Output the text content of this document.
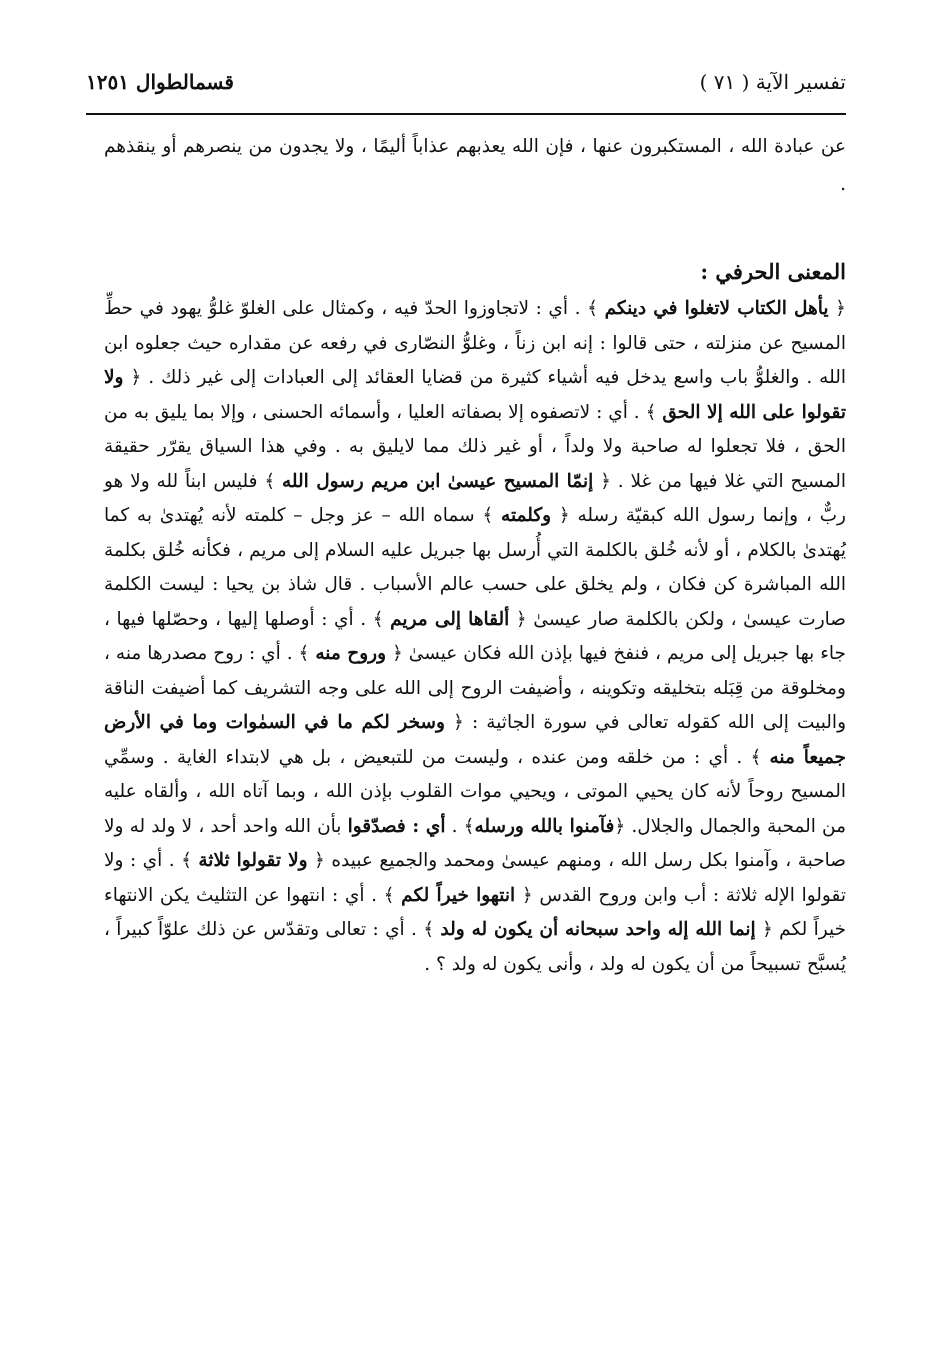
تفسير الآية ( ٧١ )
قسمالطوال ١٢٥١
عن عبادة الله ، المستكبرون عنها ، فإن الله يعذبهم عذاباً أليمًا ، ولا يجدون من ينصرهم أو ينقذهم .
المعنى الحرفي :

﴿ يأهل الكتاب لاتغلوا في دينكم ﴾ . أي : لاتجاوزوا الحدّ فيه ، وكمثال على الغلوّ غلوُّ يهود في حطِّ المسيح عن منزلته ، حتى قالوا : إنه ابن زناً ، وغلوُّ النصّارى في رفعه عن مقداره حيث جعلوه ابن الله . والغلوُّ باب واسع يدخل فيه أشياء كثيرة من قضايا العقائد إلى العبادات إلى غير ذلك . ﴿ ولا تقولوا على الله إلا الحق ﴾ . أي : لاتصفوه إلا بصفاته العليا ، وأسمائه الحسنى ، وإلا بما يليق به من الحق ، فلا تجعلوا له صاحبة ولا ولداً ، أو غير ذلك مما لايليق به . وفي هذا السياق يقرّر حقيقة المسيح التي غلا فيها من غلا . ﴿ إنمّا المسيح عيسىٰ ابن مريم رسول الله ﴾ فليس ابناً لله ولا هو ربٌّ ، وإنما رسول الله كبقيّة رسله ﴿ وكلمته ﴾ سماه الله – عز وجل – كلمته لأنه يُهتدىٰ به كما يُهتدىٰ بالكلام ، أو لأنه خُلق بالكلمة التي أُرسل بها جبريل عليه السلام إلى مريم ، فكأنه خُلق بكلمة الله المباشرة كن فكان ، ولم يخلق على حسب عالم الأسباب . قال شاذ بن يحيا : ليست الكلمة صارت عيسىٰ ، ولكن بالكلمة صار عيسىٰ ﴿ ألقاها إلى مريم ﴾ . أي : أوصلها إليها ، وحصّلها فيها ، جاء بها جبريل إلى مريم ، فنفخ فيها بإذن الله فكان عيسىٰ ﴿ وروح منه ﴾ . أي : روح مصدرها منه ، ومخلوقة من قِبَله بتخليقه وتكوينه ، وأضيفت الروح إلى الله على وجه التشريف كما أضيفت الناقة والبيت إلى الله كقوله تعالى في سورة الجاثية : ﴿ وسخر لكم ما في السمٰوات وما في الأرض جميعاً منه ﴾ . أي : من خلقه ومن عنده ، وليست من للتبعيض ، بل هي لابتداء الغاية . وسمِّي المسيح روحاً لأنه كان يحيي الموتى ، ويحيي موات القلوب بإذن الله ، وبما آتاه الله ، وألقاه عليه من المحبة والجمال والجلال. ﴿فآمنوا بالله ورسله﴾ . أي : فصدّقوا بأن الله واحد أحد ، لا ولد له ولا صاحبة ، وآمنوا بكل رسل الله ، ومنهم عيسىٰ ومحمد والجميع عبيده ﴿ ولا تقولوا ثلاثة ﴾ . أي : ولا تقولوا الإله ثلاثة : أب وابن وروح القدس ﴿ انتهوا خيراً لكم ﴾ . أي : انتهوا عن التثليث يكن الانتهاء خيراً لكم ﴿ إنما الله إله واحد سبحانه أن يكون له ولد ﴾ . أي : تعالى وتقدّس عن ذلك علوّاً كبيراً ، يُسبَّح تسبيحاً من أن يكون له ولد ، وأنى يكون له ولد ؟ .
